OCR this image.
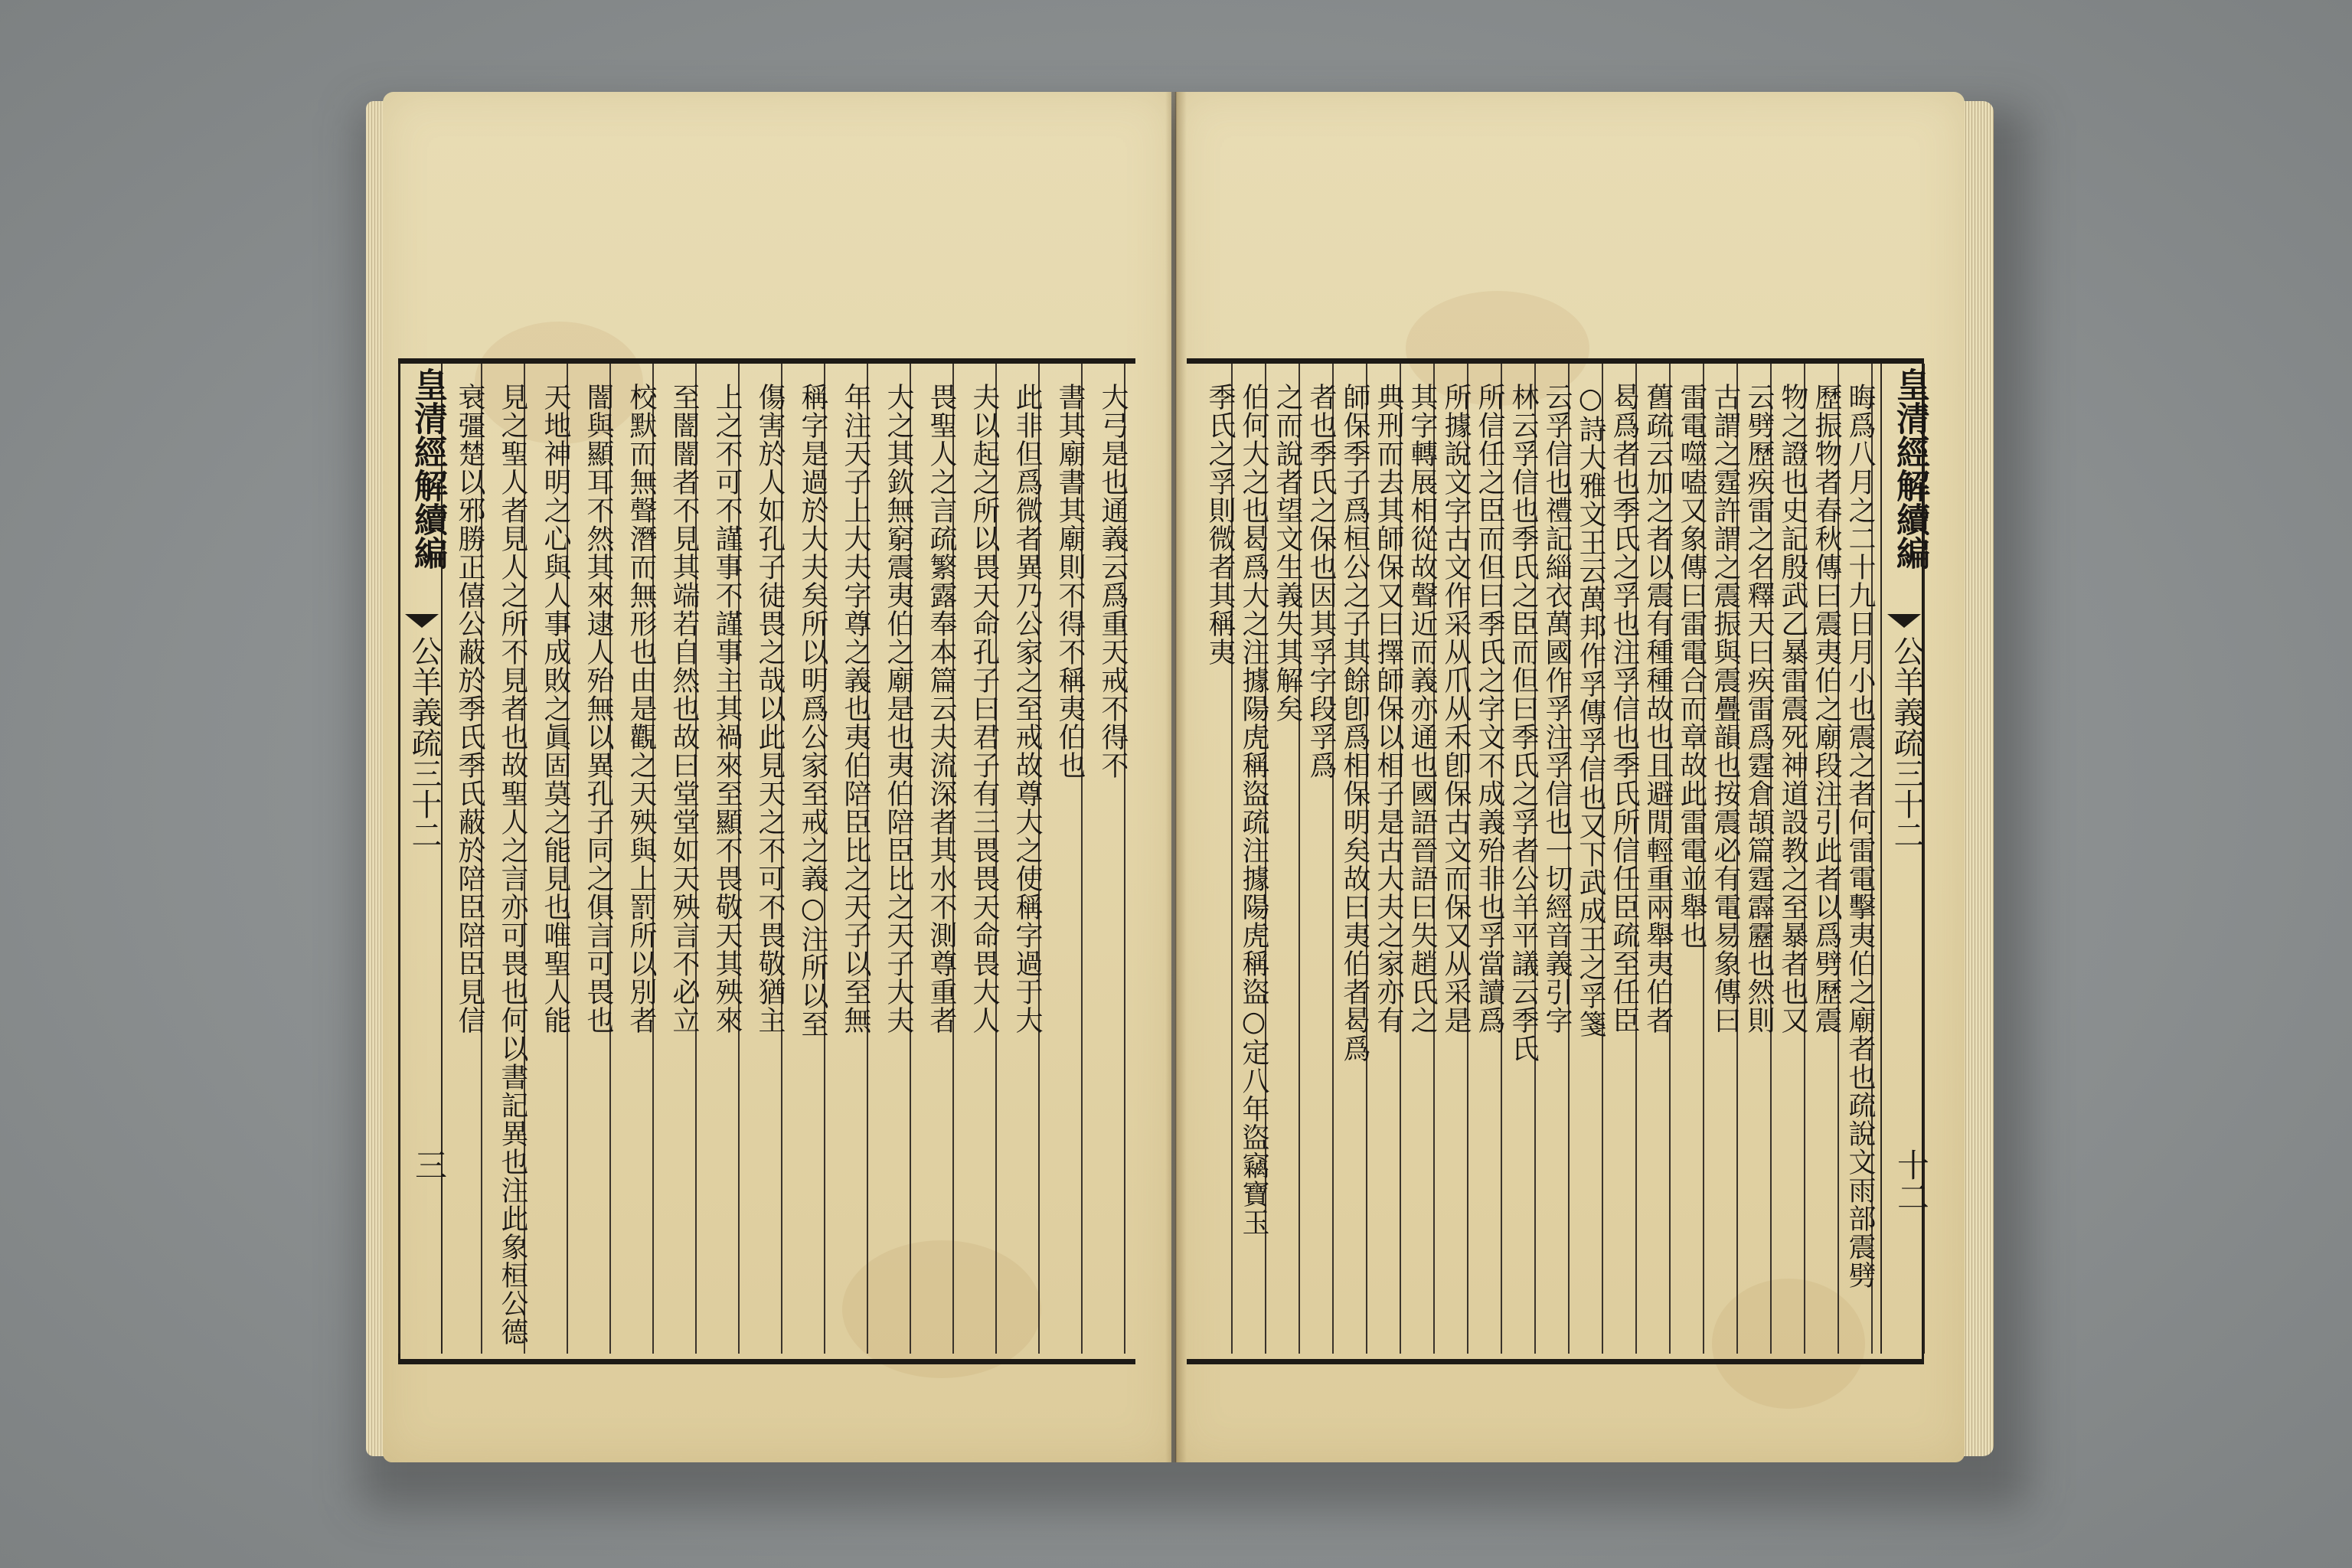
皇清經解續編
公羊義疏三十二
三
皇清經解續編
公羊義疏三十二
十二
大弓是也通義云爲重天戒不得不
書其廟書其廟則不得不稱夷伯也
此非但爲微者異乃公家之至戒故尊大之使稱字過于大
夫以起之所以畏天命孔子曰君子有三畏畏天命畏大人
畏聖人之言疏繁露奉本篇云夫流深者其水不測尊重者
大之其欽無窮震夷伯之廟是也夷伯陪臣比之天子大夫
年注天子上大夫字尊之義也夷伯陪臣比之天子以至無
稱字是過於大夫矣所以明爲公家至戒之義○注所以至
傷害於人如孔子徒畏之哉以此見天之不可不畏敬猶主
上之不可不謹事不謹事主其禍來至顯不畏敬天其殃來
至闇闇者不見其端若自然也故曰堂堂如天殃言不必立
校默而無聲潛而無形也由是觀之天殃與上罰所以別者
闇與顯耳不然其來逮人殆無以異孔子同之俱言可畏也
天地神明之心與人事成敗之眞固莫之能見也唯聖人能
見之聖人者見人之所不見者也故聖人之言亦可畏也何以書記異也注此象桓公德
衰彊楚以邪勝正僖公蔽於季氏季氏蔽於陪臣陪臣見信	晦爲八月之二十九日月小也震之者何雷電擊夷伯之廟者也疏說文雨部震劈
歷振物者春秋傳曰震夷伯之廟段注引此者以爲劈歷震
物之證也史記殷武乙暴雷震死神道設教之至暴者也又
云劈歷疾雷之名釋天曰疾雷爲霆倉頡篇霆霹靂也然則
古謂之霆許謂之震振與震疊韻也按震必有電易象傳曰
雷電噬嗑又象傳曰雷電合而章故此雷電並舉也
舊疏云加之者以震有種種故也且避閒輕重兩舉夷伯者
曷爲者也季氏之孚也注孚信也季氏所信任臣疏至任臣
○詩大雅文王云萬邦作孚傳孚信也又下武成王之孚箋
云孚信也禮記緇衣萬國作孚注孚信也一切經音義引字
林云孚信也季氏之臣而但曰季氏之孚者公羊平議云季氏
所信任之臣而但曰季氏之字文不成義殆非也孚當讀爲
所據說文字古文作采从爪从禾卽保古文而保又从采是
其字轉展相從故聲近而義亦通也國語晉語曰失趙氏之
典刑而去其師保又曰擇師保以相子是古大夫之家亦有
師保季子爲桓公之子其餘卽爲相保明矣故曰夷伯者曷爲
者也季氏之保也因其孚字段孚爲
之而說者望文生義失其解矣
伯何大之也曷爲大之注據陽虎稱盜疏注據陽虎稱盜○定八年盜竊寶玉
季氏之孚則微者其稱夷
